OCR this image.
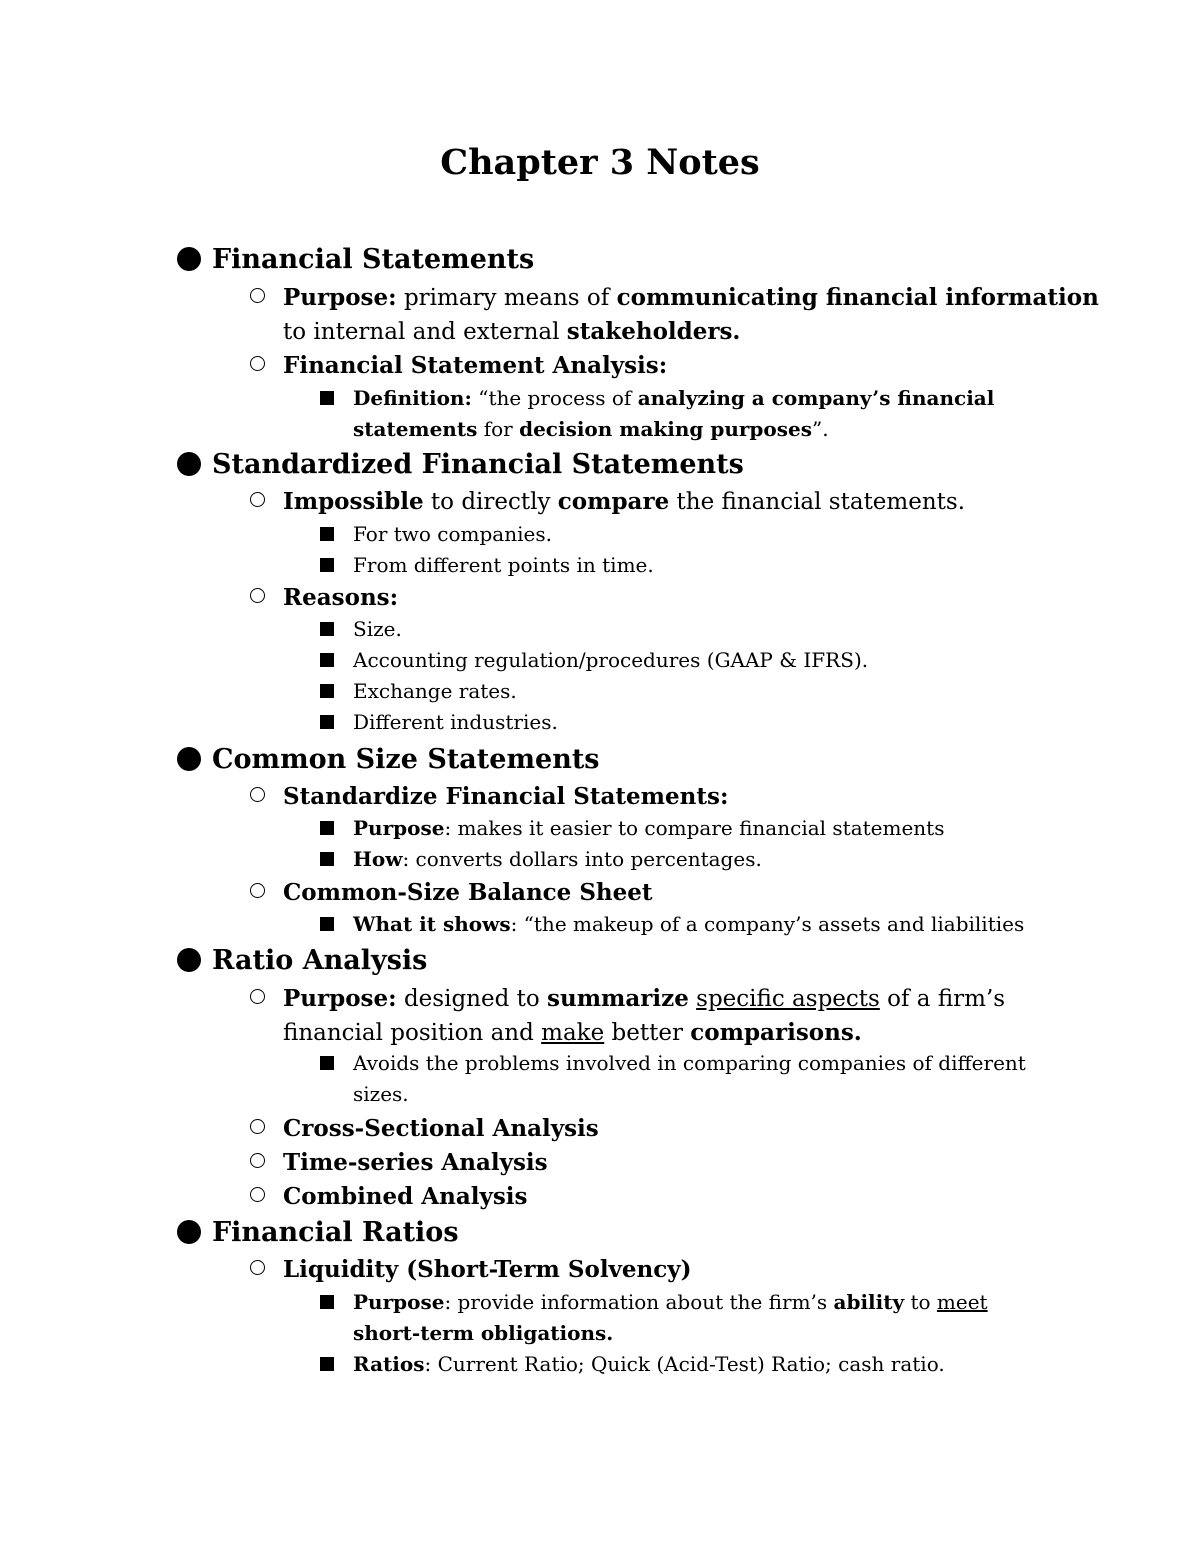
Chapter 3 Notes
Financial Statements
Purpose: primary means of communicating financial information
to internal and external stakeholders.
Financial Statement Analysis:
Definition: “the process of analyzing a company’s financial
statements for decision making purposes”.
Standardized Financial Statements
Impossible to directly compare the financial statements.
For two companies.
From different points in time.
Reasons:
Size.
Accounting regulation/procedures (GAAP & IFRS).
Exchange rates.
Different industries.
Common Size Statements
Standardize Financial Statements:
Purpose: makes it easier to compare financial statements
How: converts dollars into percentages.
Common-Size Balance Sheet
What it shows: “the makeup of a company’s assets and liabilities
Ratio Analysis
Purpose: designed to summarize specific aspects of a firm’s
financial position and make better comparisons.
Avoids the problems involved in comparing companies of different
sizes.
Cross-Sectional Analysis
Time-series Analysis
Combined Analysis
Financial Ratios
Liquidity (Short-Term Solvency)
Purpose: provide information about the firm’s ability to meet
short-term obligations.
Ratios: Current Ratio; Quick (Acid-Test) Ratio; cash ratio.
